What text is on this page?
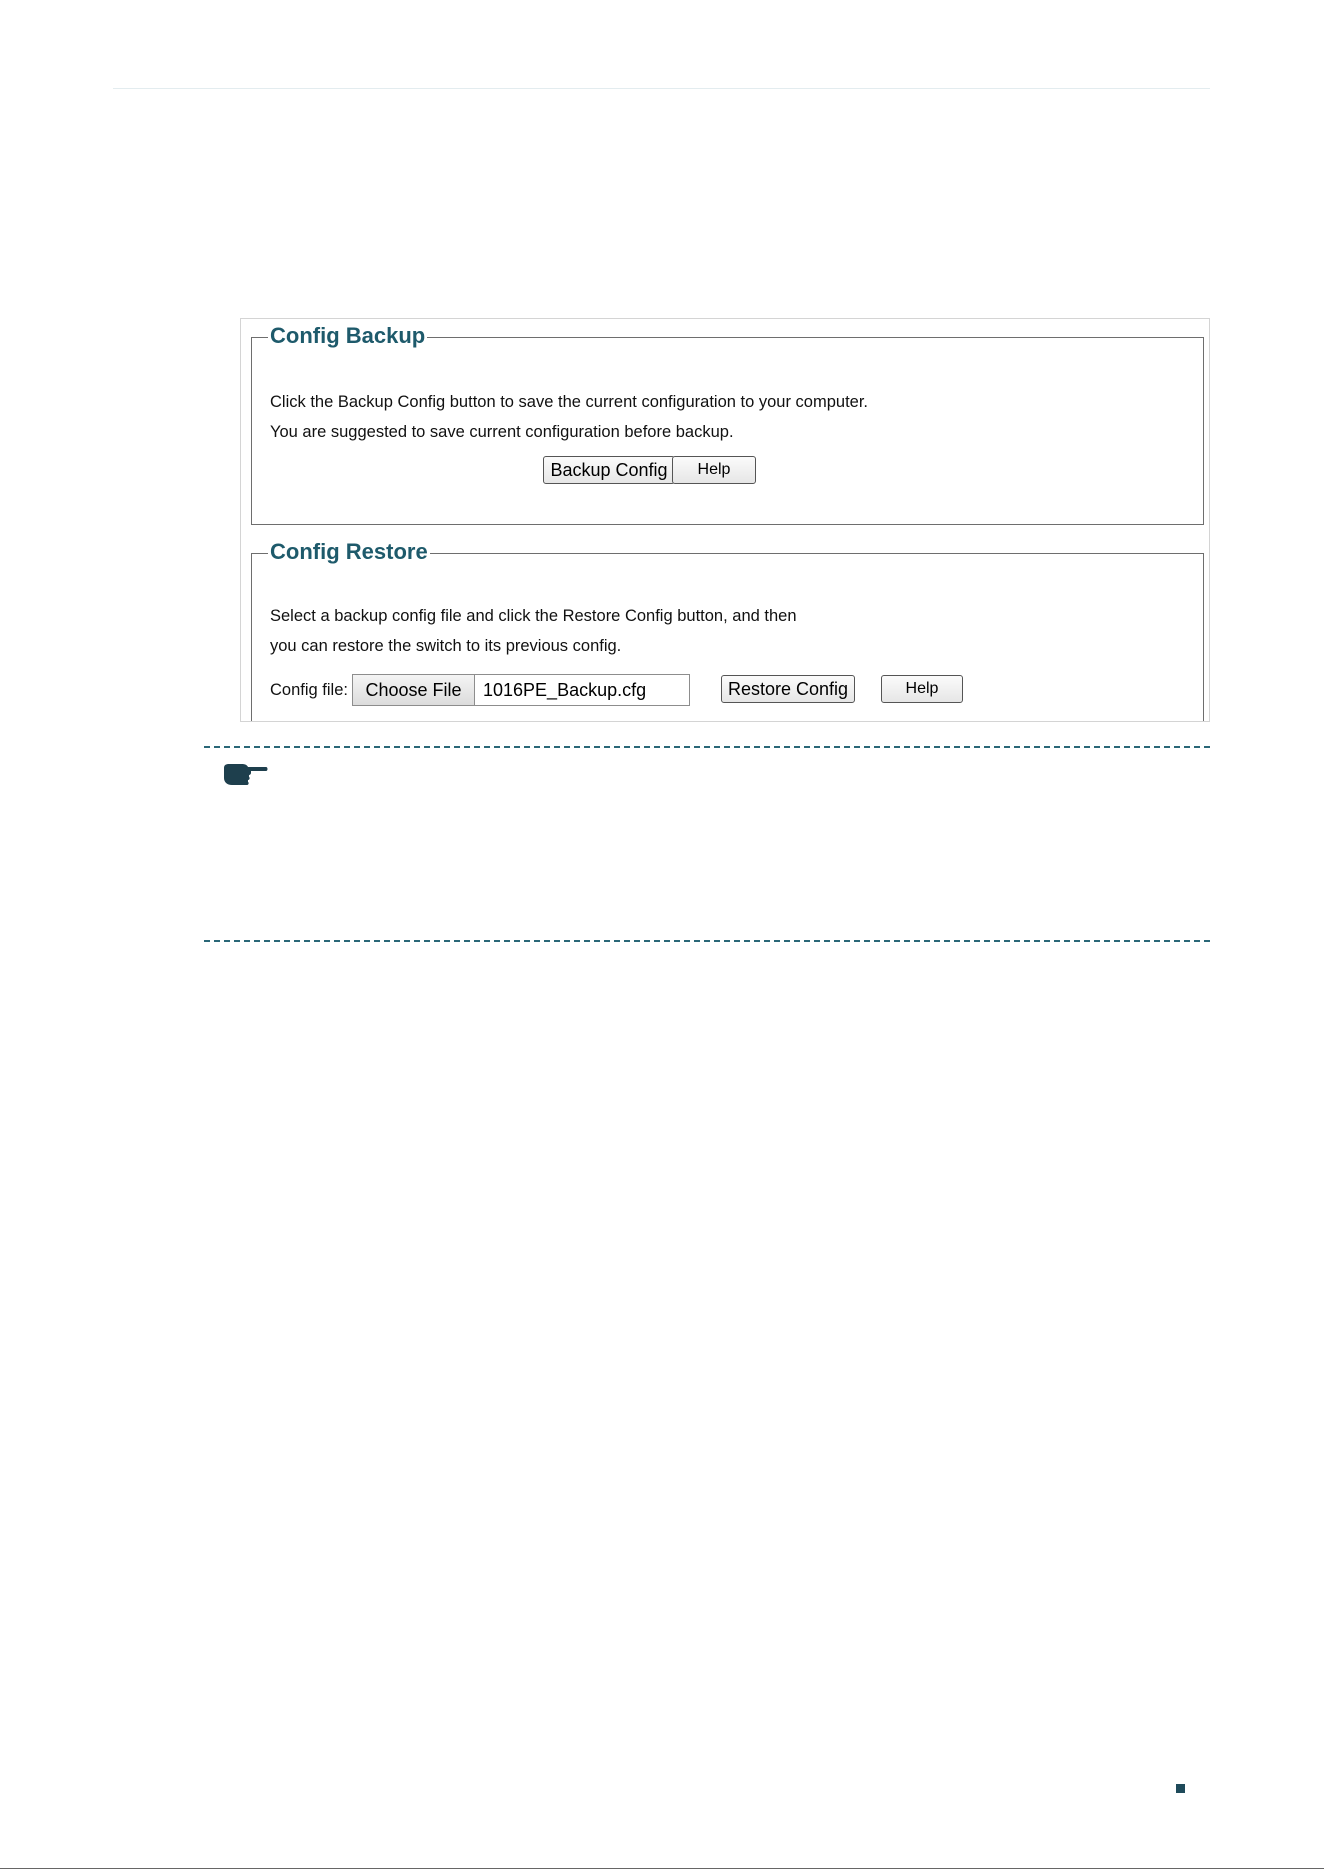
Config Backup
Click the Backup Config button to save the current configuration to your computer.
You are suggested to save current configuration before backup.
Backup Config	Help
Config Restore
Select a backup config file and click the Restore Config button, and then
you can restore the switch to its previous config.
Config file: Choose File	1016PE_Backup.cfg	Restore Config	Help
